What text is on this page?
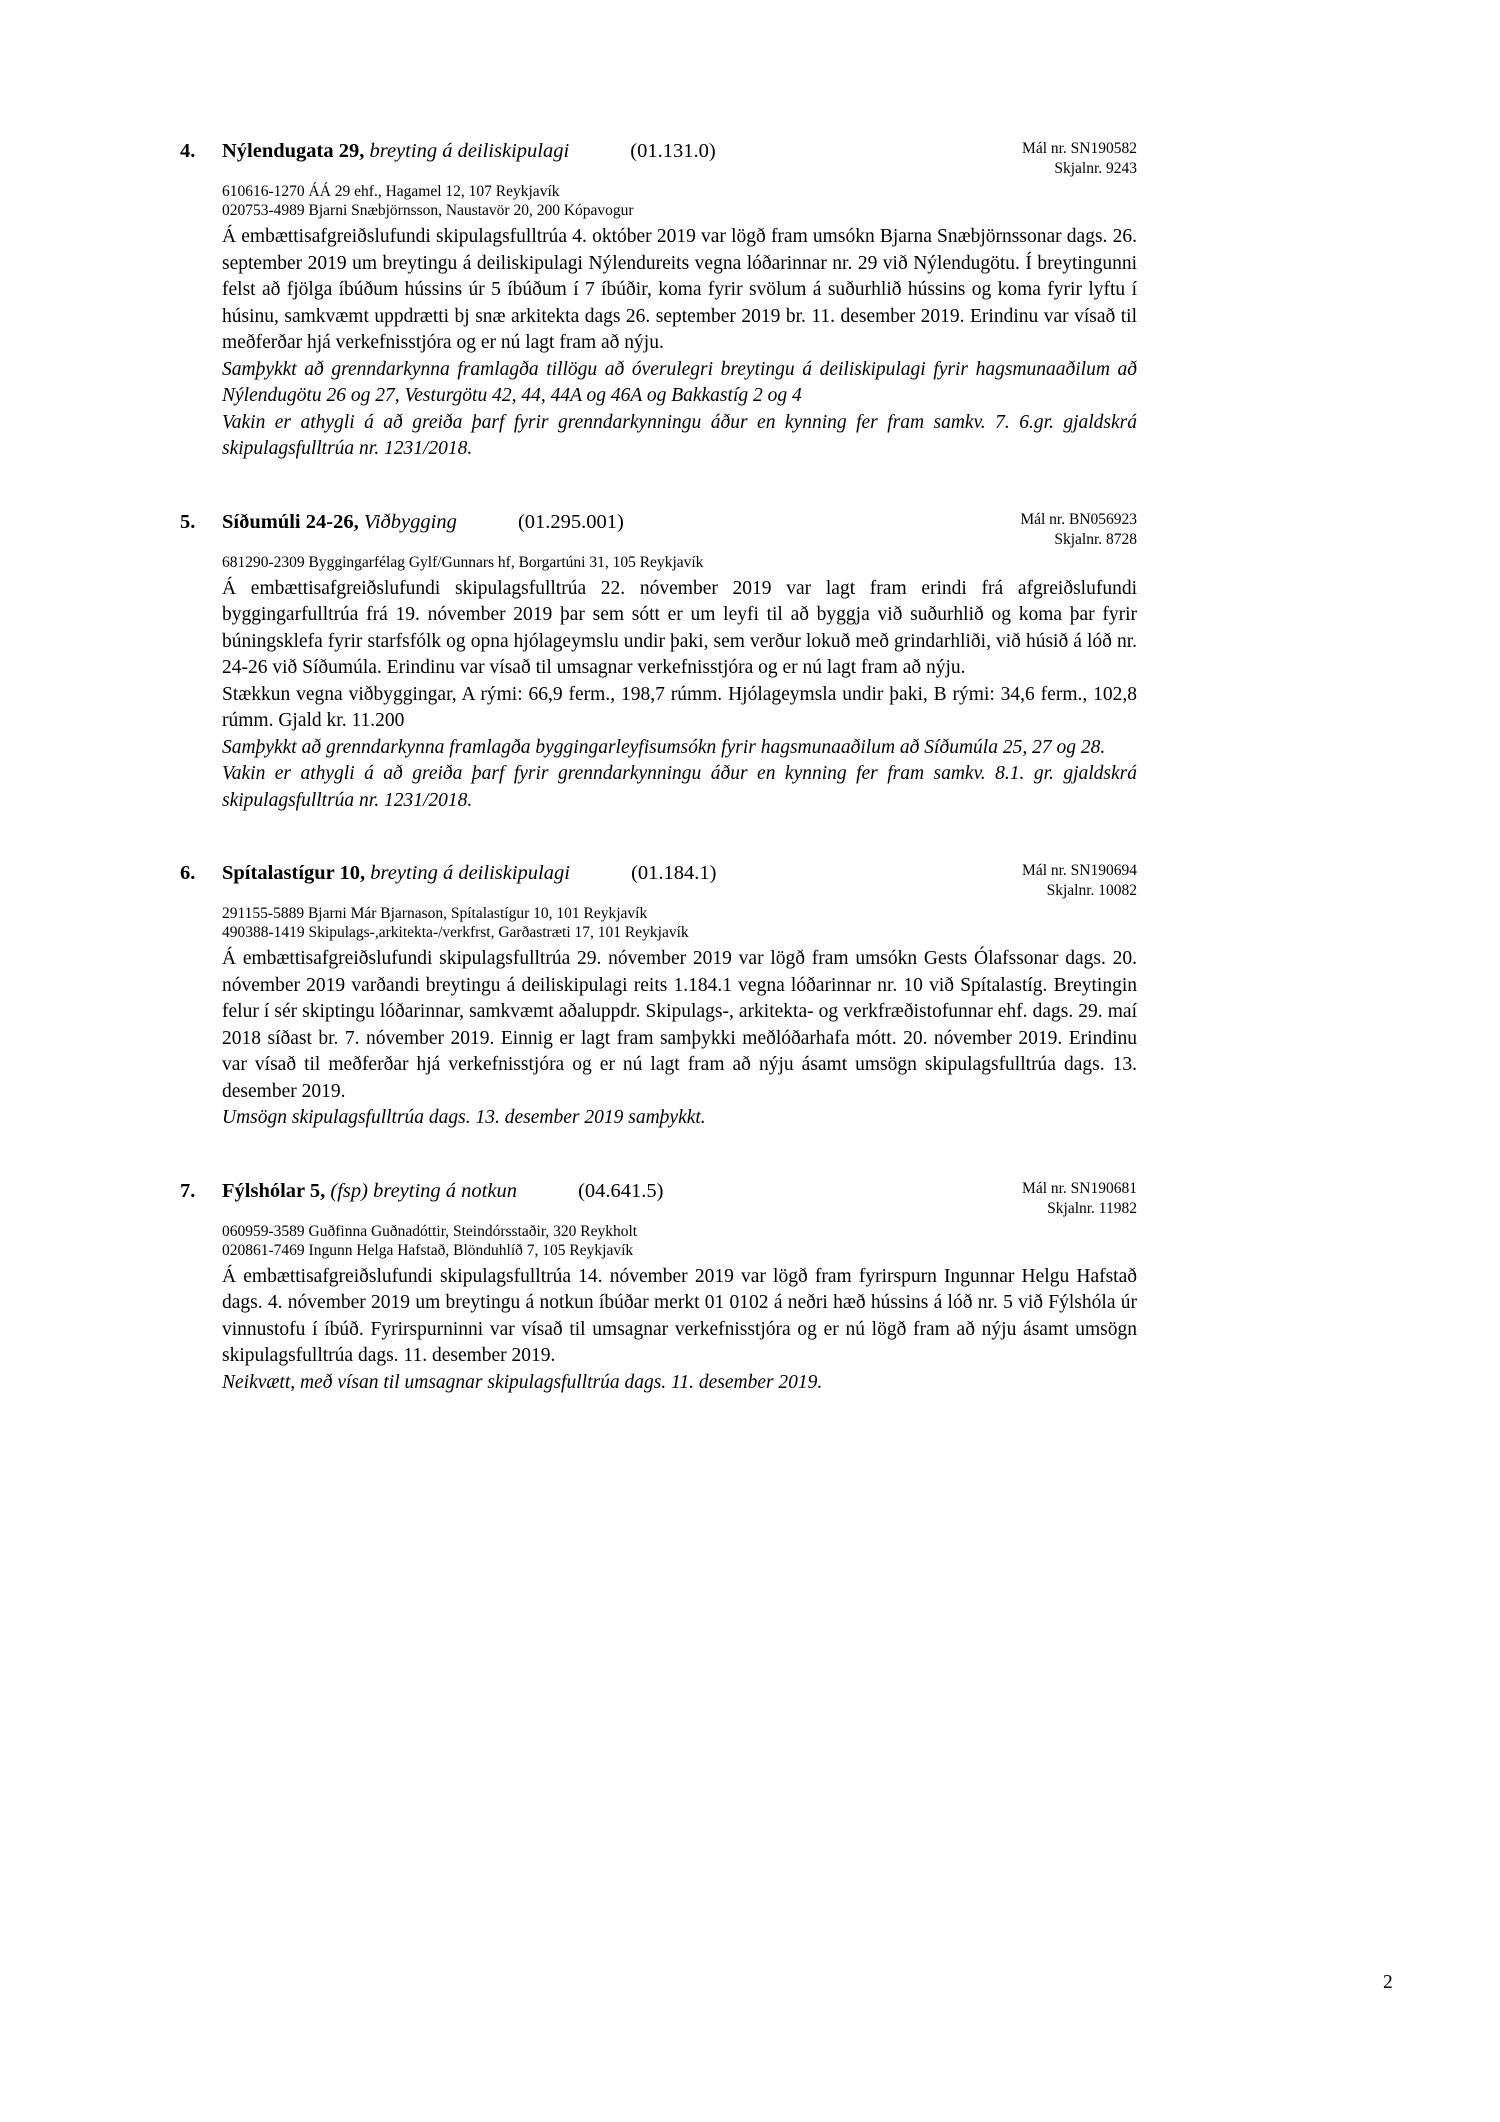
4. Nýlendugata 29, breyting á deiliskipulagi	(01.131.0)	Mál nr. SN190582
Skjalnr. 9243
610616-1270 ÁÁ 29 ehf., Hagamel 12, 107 Reykjavík
020753-4989 Bjarni Snæbjörnsson, Naustavör 20, 200 Kópavogur

Á embættisafgreiðslufundi skipulagsfulltrúa 4. október 2019 var lögð fram umsókn Bjarna Snæbjörnssonar dags. 26. september 2019 um breytingu á deiliskipulagi Nýlendureits vegna lóðarinnar nr. 29 við Nýlendugötu. Í breytingunni felst að fjölga íbúðum hússins úr 5 íbúðum í 7 íbúðir, koma fyrir svölum á suðurhlið hússins og koma fyrir lyftu í húsinu, samkvæmt uppdrætti bj snæ arkitekta dags 26. september 2019 br. 11. desember 2019. Erindinu var vísað til meðferðar hjá verkefnisstjóra og er nú lagt fram að nýju.

Samþykkt að grenndarkynna framlagða tillögu að óverulegri breytingu á deiliskipulagi fyrir hagsmunaaðilum að Nýlendugötu 26 og 27, Vesturgötu 42, 44, 44A og 46A og Bakkastíg 2 og 4

Vakin er athygli á að greiða þarf fyrir grenndarkynningu áður en kynning fer fram samkv. 7. 6.gr. gjaldskrá skipulagsfulltrúa nr. 1231/2018.

5. Síðumúli 24-26, Viðbygging	(01.295.001)	Mál nr. BN056923
Skjalnr. 8728
681290-2309 Byggingarfélag Gylf/Gunnars hf, Borgartúni 31, 105 Reykjavík

Á embættisafgreiðslufundi skipulagsfulltrúa 22. nóvember 2019 var lagt fram erindi frá afgreiðslufundi byggingarfulltrúa frá 19. nóvember 2019 þar sem sótt er um leyfi til að byggja við suðurhlið og koma þar fyrir búningsklefa fyrir starfsfólk og opna hjólageymslu undir þaki, sem verður lokuð með grindarhliði, við húsið á lóð nr. 24-26 við Síðumúla. Erindinu var vísað til umsagnar verkefnisstjóra og er nú lagt fram að nýju.

Stækkun vegna viðbyggingar, A rými: 66,9 ferm., 198,7 rúmm. Hjólageymsla undir þaki, B rými: 34,6 ferm., 102,8 rúmm. Gjald kr. 11.200

Samþykkt að grenndarkynna framlagða byggingarleyfisumsókn fyrir hagsmunaaðilum að Síðumúla 25, 27 og 28.

Vakin er athygli á að greiða þarf fyrir grenndarkynningu áður en kynning fer fram samkv. 8.1. gr. gjaldskrá skipulagsfulltrúa nr. 1231/2018.

6. Spítalastígur 10, breyting á deiliskipulagi	(01.184.1)	Mál nr. SN190694
Skjalnr. 10082
291155-5889 Bjarni Már Bjarnason, Spítalastígur 10, 101 Reykjavík
490388-1419 Skipulags-,arkitekta-/verkfrst, Garðastræti 17, 101 Reykjavík

Á embættisafgreiðslufundi skipulagsfulltrúa 29. nóvember 2019 var lögð fram umsókn Gests Ólafssonar dags. 20. nóvember 2019 varðandi breytingu á deiliskipulagi reits 1.184.1 vegna lóðarinnar nr. 10 við Spítalastíg. Breytingin felur í sér skiptingu lóðarinnar, samkvæmt aðaluppdr. Skipulags-, arkitekta- og verkfræðistofunnar ehf. dags. 29. maí 2018 síðast br. 7. nóvember 2019. Einnig er lagt fram samþykki meðlóðarhafa mótt. 20. nóvember 2019. Erindinu var vísað til meðferðar hjá verkefnisstjóra og er nú lagt fram að nýju ásamt umsögn skipulagsfulltrúa dags. 13. desember 2019.

Umsögn skipulagsfulltrúa dags. 13. desember 2019 samþykkt.

7. Fýlshólar 5, (fsp) breyting á notkun	(04.641.5)	Mál nr. SN190681
Skjalnr. 11982
060959-3589 Guðfinna Guðnadóttir, Steindórsstaðir, 320 Reykholt
020861-7469 Ingunn Helga Hafstað, Blönduhlíð 7, 105 Reykjavík

Á embættisafgreiðslufundi skipulagsfulltrúa 14. nóvember 2019 var lögð fram fyrirspurn Ingunnar Helgu Hafstað dags. 4. nóvember 2019 um breytingu á notkun íbúðar merkt 01 0102 á neðri hæð hússins á lóð nr. 5 við Fýlshóla úr vinnustofu í íbúð. Fyrirspurninni var vísað til umsagnar verkefnisstjóra og er nú lögð fram að nýju ásamt umsögn skipulagsfulltrúa dags. 11. desember 2019.

Neikvætt, með vísan til umsagnar skipulagsfulltrúa dags. 11. desember 2019.

2
